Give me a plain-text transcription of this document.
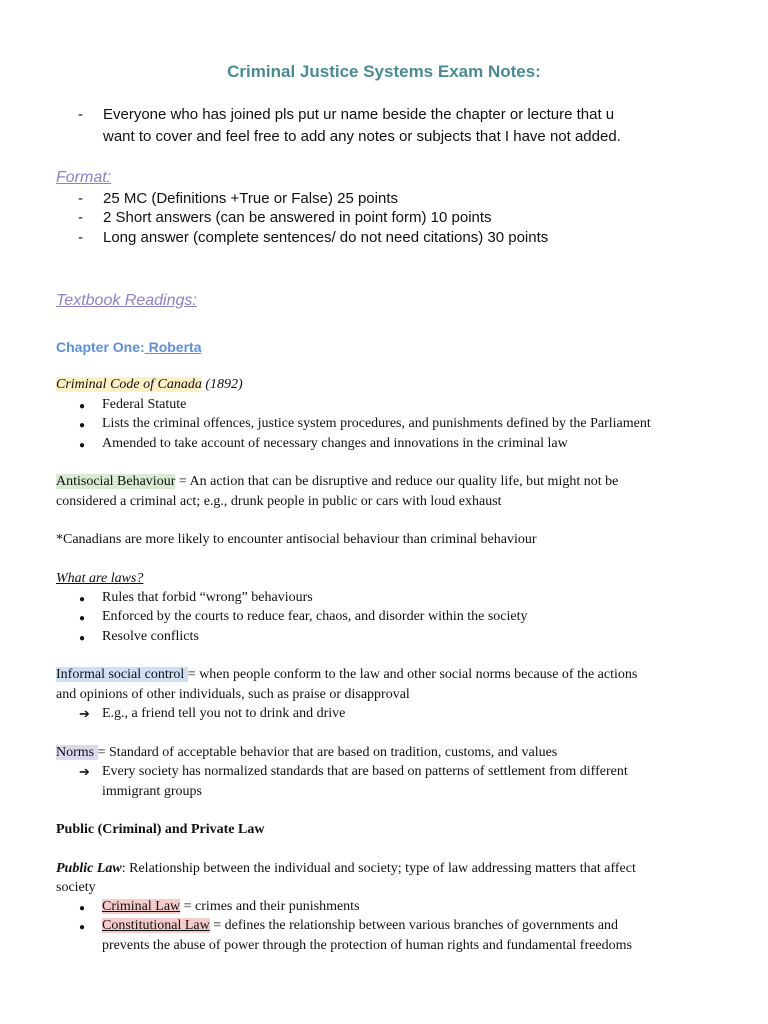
Criminal Justice Systems Exam Notes:
- Everyone who has joined pls put ur name beside the chapter or lecture that u
want to cover and feel free to add any notes or subjects that I have not added.
Format:
- 25 MC (Definitions +True or False) 25 points
- 2 Short answers (can be answered in point form) 10 points
- Long answer (complete sentences/ do not need citations) 30 points
Textbook Readings:
Chapter One: Roberta
Criminal Code of Canada (1892)
● Federal Statute
● Lists the criminal offences, justice system procedures, and punishments defined by the Parliament
● Amended to take account of necessary changes and innovations in the criminal law
Antisocial Behaviour = An action that can be disruptive and reduce our quality life, but might not be
considered a criminal act; e.g., drunk people in public or cars with loud exhaust
*Canadians are more likely to encounter antisocial behaviour than criminal behaviour
What are laws?
● Rules that forbid “wrong” behaviours
● Enforced by the courts to reduce fear, chaos, and disorder within the society
● Resolve conflicts
Informal social control = when people conform to the law and other social norms because of the actions
and opinions of other individuals, such as praise or disapproval
➔ E.g., a friend tell you not to drink and drive
Norms = Standard of acceptable behavior that are based on tradition, customs, and values
➔ Every society has normalized standards that are based on patterns of settlement from different
immigrant groups
Public (Criminal) and Private Law
Public Law: Relationship between the individual and society; type of law addressing matters that affect
society
● Criminal Law = crimes and their punishments
● Constitutional Law = defines the relationship between various branches of governments and
prevents the abuse of power through the protection of human rights and fundamental freedoms
